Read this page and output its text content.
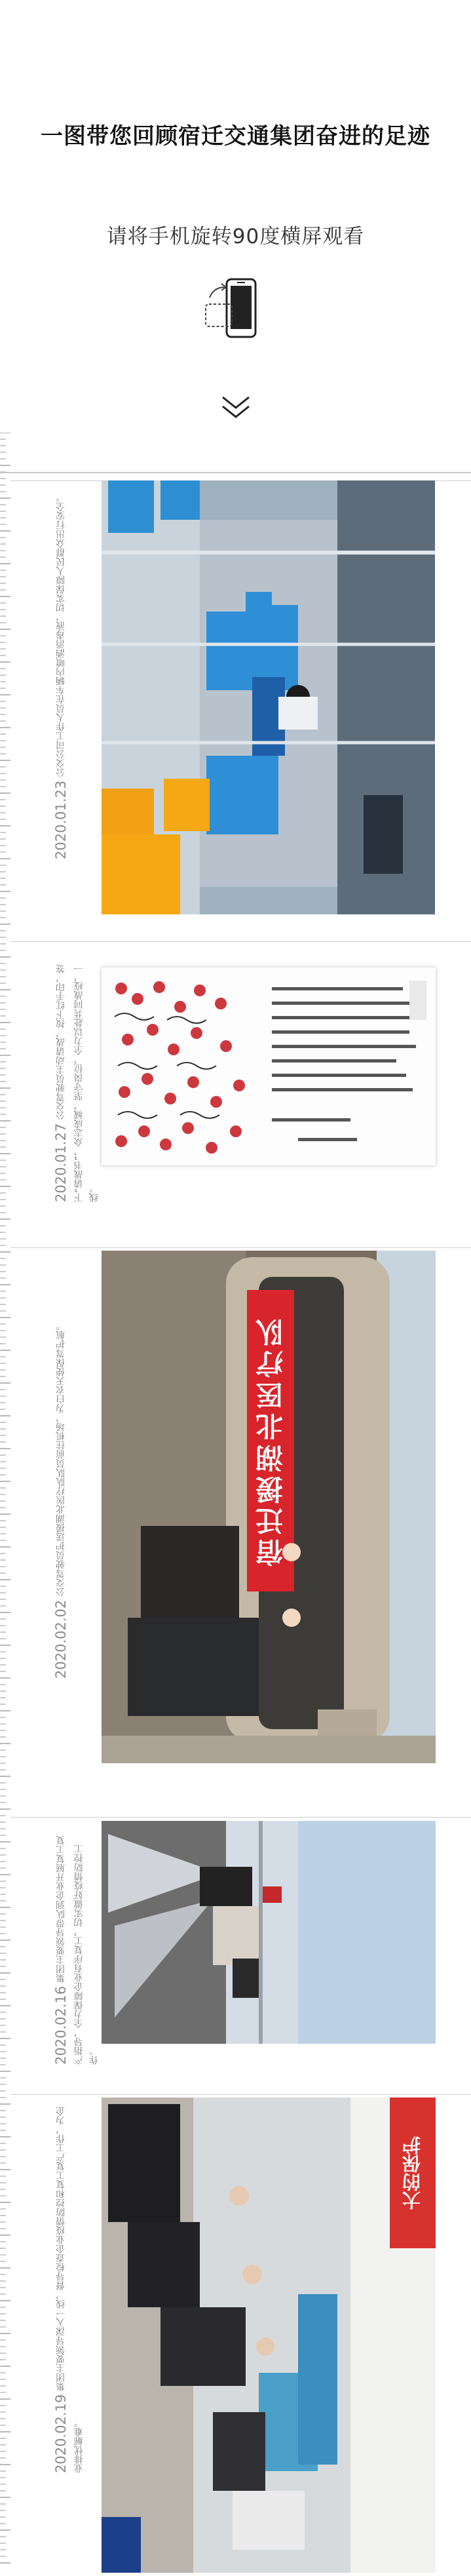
一图带您回顾宿迁交通集团奋进的足迹
请将手机旋转90度横屏观看
2020.01.23 公交公司工作人员在车辆内喷洒消毒液，切实保障人民群众出行安全。
2020.01.27 公交驾驶员主动请战，按下红手印，签下“请战书”，众志成城，坚守岗位，全力以赴共同战疫，一线。
2020.02.02 公交驾驶员护送援湖北医疗队队员前往机场，为白衣天使保驾护航。	宿迁援湖北医疗队
2020.02.16 集团主要领导带队到企业开展复工复产指导，全力保障企业有序复工，切实做好疫情防控工作。
2020.02.19 集团主要领导深入一线，督导检查企业疫情防控和复工复产工作，为企业排忧解难。
大的保护
